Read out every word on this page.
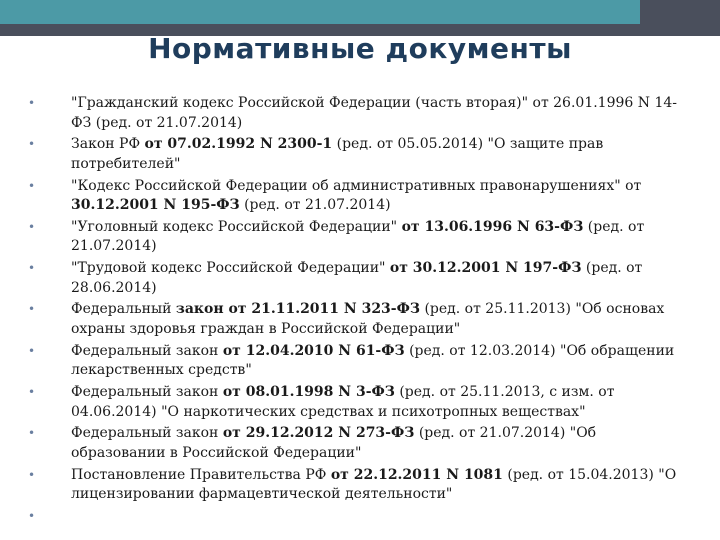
Нормативные документы
•	"Гражданский кодекс Российской Федерации (часть вторая)" от 26.01.1996 N 14-ФЗ (ред. от 21.07.2014)
•	Закон РФ от 07.02.1992 N 2300-1 (ред. от 05.05.2014) "О защите прав потребителей"
•	"Кодекс Российской Федерации об административных правонарушениях" от 30.12.2001 N 195-ФЗ (ред. от 21.07.2014)
•	"Уголовный кодекс Российской Федерации" от 13.06.1996 N 63-ФЗ (ред. от 21.07.2014)
•	"Трудовой кодекс Российской Федерации" от 30.12.2001 N 197-ФЗ (ред. от 28.06.2014)
•	Федеральный закон от 21.11.2011 N 323-ФЗ (ред. от 25.11.2013) "Об основах охраны здоровья граждан в Российской Федерации"
•	Федеральный закон от 12.04.2010 N 61-ФЗ (ред. от 12.03.2014) "Об обращении лекарственных средств"
•	Федеральный закон от 08.01.1998 N 3-ФЗ (ред. от 25.11.2013, с изм. от 04.06.2014) "О наркотических средствах и психотропных веществах"
•	Федеральный закон от 29.12.2012 N 273-ФЗ (ред. от 21.07.2014) "Об образовании в Российской Федерации"
•	Постановление Правительства РФ от 22.12.2011 N 1081 (ред. от 15.04.2013) "О лицензировании фармацевтической деятельности"
•
